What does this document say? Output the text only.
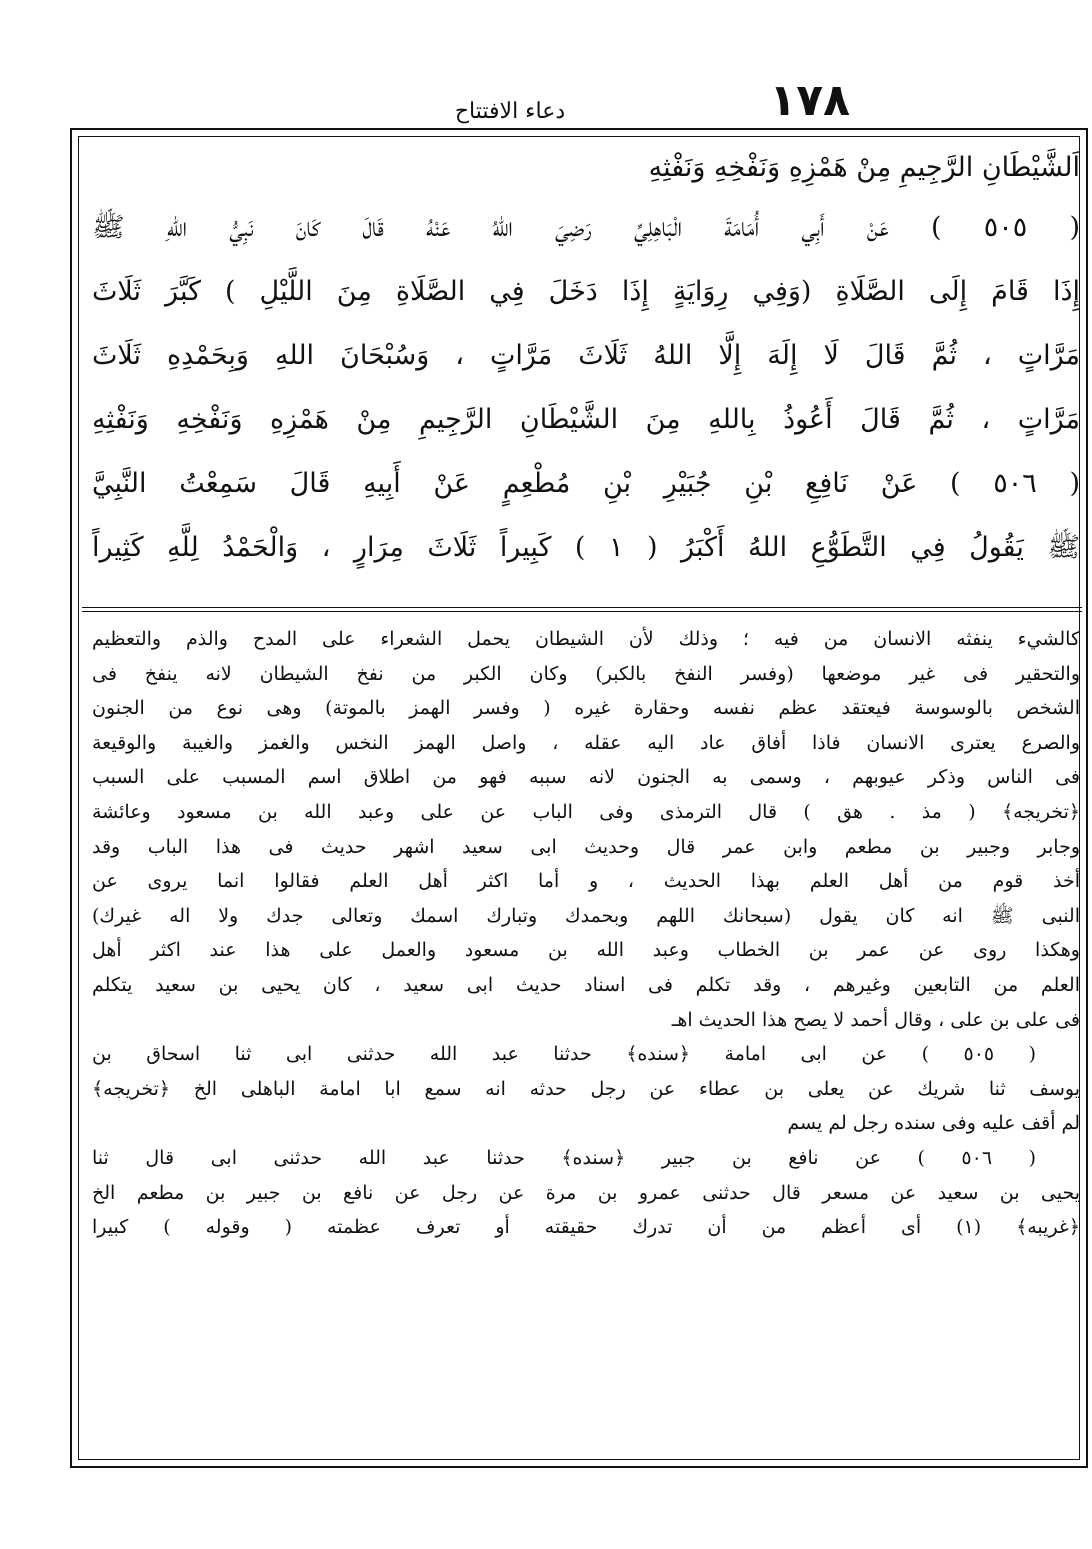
١٧٨
دعاء الافتتاح
اَلشَّيْطَانِ الرَّجِيمِ مِنْ هَمْزِهِ وَنَفْخِهِ وَنَفْثِهِ
( ٥٠٥ ) عَنْ أَبِي أُمَامَةَ الْبَاهِلِيِّ رَضِيَ اللهُ عَنْهُ قَالَ كَانَ نَبِيُّ اللهِ ﷺ
إِذَا قَامَ إِلَى الصَّلَاةِ (وَفِي رِوَايَةٍ إِذَا دَخَلَ فِي الصَّلَاةِ مِنَ اللَّيْلِ ) كَبَّرَ ثَلَاثَ
مَرَّاتٍ ، ثُمَّ قَالَ لَا إِلَهَ إِلَّا اللهُ ثَلَاثَ مَرَّاتٍ ، وَسُبْحَانَ اللهِ وَبِحَمْدِهِ ثَلَاثَ
مَرَّاتٍ ، ثُمَّ قَالَ أَعُوذُ بِاللهِ مِنَ الشَّيْطَانِ الرَّجِيمِ مِنْ هَمْزِهِ وَنَفْخِهِ وَنَفْثِهِ
( ٥٠٦ ) عَنْ نَافِعِ بْنِ جُبَيْرِ بْنِ مُطْعِمٍ عَنْ أَبِيهِ قَالَ سَمِعْتُ النَّبِيَّ
ﷺ يَقُولُ فِي التَّطَوُّعِ اللهُ أَكْبَرُ ( ١ ) كَبِيراً ثَلَاثَ مِرَارٍ ، وَالْحَمْدُ لِلَّهِ كَثِيراً
كالشيء ينفثه الانسان من فيه ؛ وذلك لأن الشيطان يحمل الشعراء على المدح والذم والتعظيم
والتحقير فى غير موضعها (وفسر النفخ بالكبر) وكان الكبر من نفخ الشيطان لانه ينفخ فى
الشخص بالوسوسة فيعتقد عظم نفسه وحقارة غيره ( وفسر الهمز بالموتة) وهى نوع من الجنون
والصرع يعترى الانسان فاذا أفاق عاد اليه عقله ، واصل الهمز النخس والغمز والغيبة والوقيعة
فى الناس وذكر عيوبهم ، وسمى به الجنون لانه سببه فهو من اطلاق اسم المسبب على السبب
﴿تخريجه﴾ ( مذ . هق ) قال الترمذى وفى الباب عن على وعبد الله بن مسعود وعائشة
وجابر وجبير بن مطعم وابن عمر قال وحديث ابى سعيد اشهر حديث فى هذا الباب وقد
أخذ قوم من أهل العلم بهذا الحديث ، و أما اكثر أهل العلم فقالوا انما يروى عن
النبى ﷺ انه كان يقول (سبحانك اللهم وبحمدك وتبارك اسمك وتعالى جدك ولا اله غيرك)
وهكذا روى عن عمر بن الخطاب وعبد الله بن مسعود والعمل على هذا عند اكثر أهل
العلم من التابعين وغيرهم ، وقد تكلم فى اسناد حديث ابى سعيد ، كان يحيى بن سعيد يتكلم
فى على بن على ، وقال أحمد لا يصح هذا الحديث اهـ
( ٥٠٥ ) عن ابى امامة ﴿سنده﴾ حدثنا عبد الله حدثنى ابى ثنا اسحاق بن
يوسف ثنا شريك عن يعلى بن عطاء عن رجل حدثه انه سمع ابا امامة الباهلى الخ ﴿تخريجه﴾
لم أقف عليه وفى سنده رجل لم يسم
( ٥٠٦ ) عن نافع بن جبير ﴿سنده﴾ حدثنا عبد الله حدثنى ابى قال ثنا
يحيى بن سعيد عن مسعر قال حدثنى عمرو بن مرة عن رجل عن نافع بن جبير بن مطعم الخ
﴿غريبه﴾ (١) أى أعظم من أن تدرك حقيقته أو تعرف عظمته ( وقوله ) كبيرا
